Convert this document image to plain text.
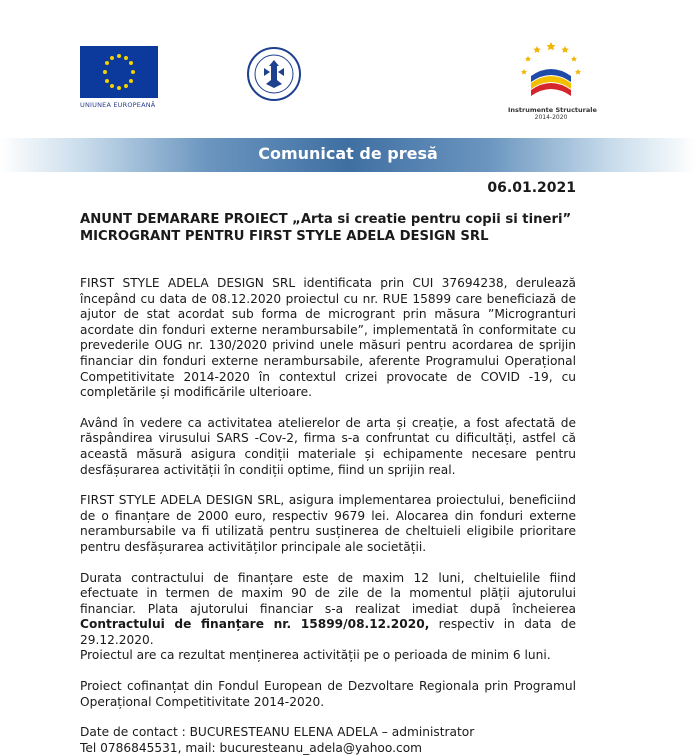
UNIUNEA EUROPEANĂ
Instrumente Structurale
2014-2020
Comunicat de presă
06.01.2021
ANUNT DEMARARE PROIECT „Arta si creatie pentru copii si tineri”
MICROGRANT PENTRU FIRST STYLE ADELA DESIGN SRL

FIRST STYLE ADELA DESIGN SRL identificata prin CUI 37694238, derulează începând cu data de 08.12.2020 proiectul cu nr. RUE 15899 care beneficiază de ajutor de stat acordat sub forma de microgrant prin măsura ”Microgranturi acordate din fonduri externe nerambursabile”, implementată în conformitate cu prevederile OUG nr. 130/2020 privind unele măsuri pentru acordarea de sprijin financiar din fonduri externe nerambursabile, aferente Programului Operațional Competitivitate 2014-2020 în contextul crizei provocate de COVID -19, cu completările și modificările ulterioare.

Având în vedere ca activitatea atelierelor de arta și creație, a fost afectată de răspândirea virusului SARS -Cov-2, firma s-a confruntat cu dificultăți, astfel că această măsură asigura condiții materiale și echipamente necesare pentru desfășurarea activității în condiții optime, fiind un sprijin real.

FIRST STYLE ADELA DESIGN SRL, asigura implementarea proiectului, beneficiind de o finanțare de 2000 euro, respectiv 9679 lei. Alocarea din fonduri externe nerambursabile va fi utilizată pentru susținerea de cheltuieli eligibile prioritare pentru desfășurarea activităților principale ale societății.

Durata contractului de finanțare este de maxim 12 luni, cheltuielile fiind efectuate in termen de maxim 90 de zile de la momentul plății ajutorului financiar. Plata ajutorului financiar s-a realizat imediat după încheierea Contractului de finanțare nr. 15899/08.12.2020, respectiv in data de 29.12.2020.

Proiectul are ca rezultat menținerea activității pe o perioada de minim 6 luni.

Proiect cofinanțat din Fondul European de Dezvoltare Regionala prin Programul Operațional Competitivitate 2014-2020.

Date de contact : BUCURESTEANU ELENA ADELA – administrator
Tel 0786845531, mail: bucuresteanu_adela@yahoo.com
